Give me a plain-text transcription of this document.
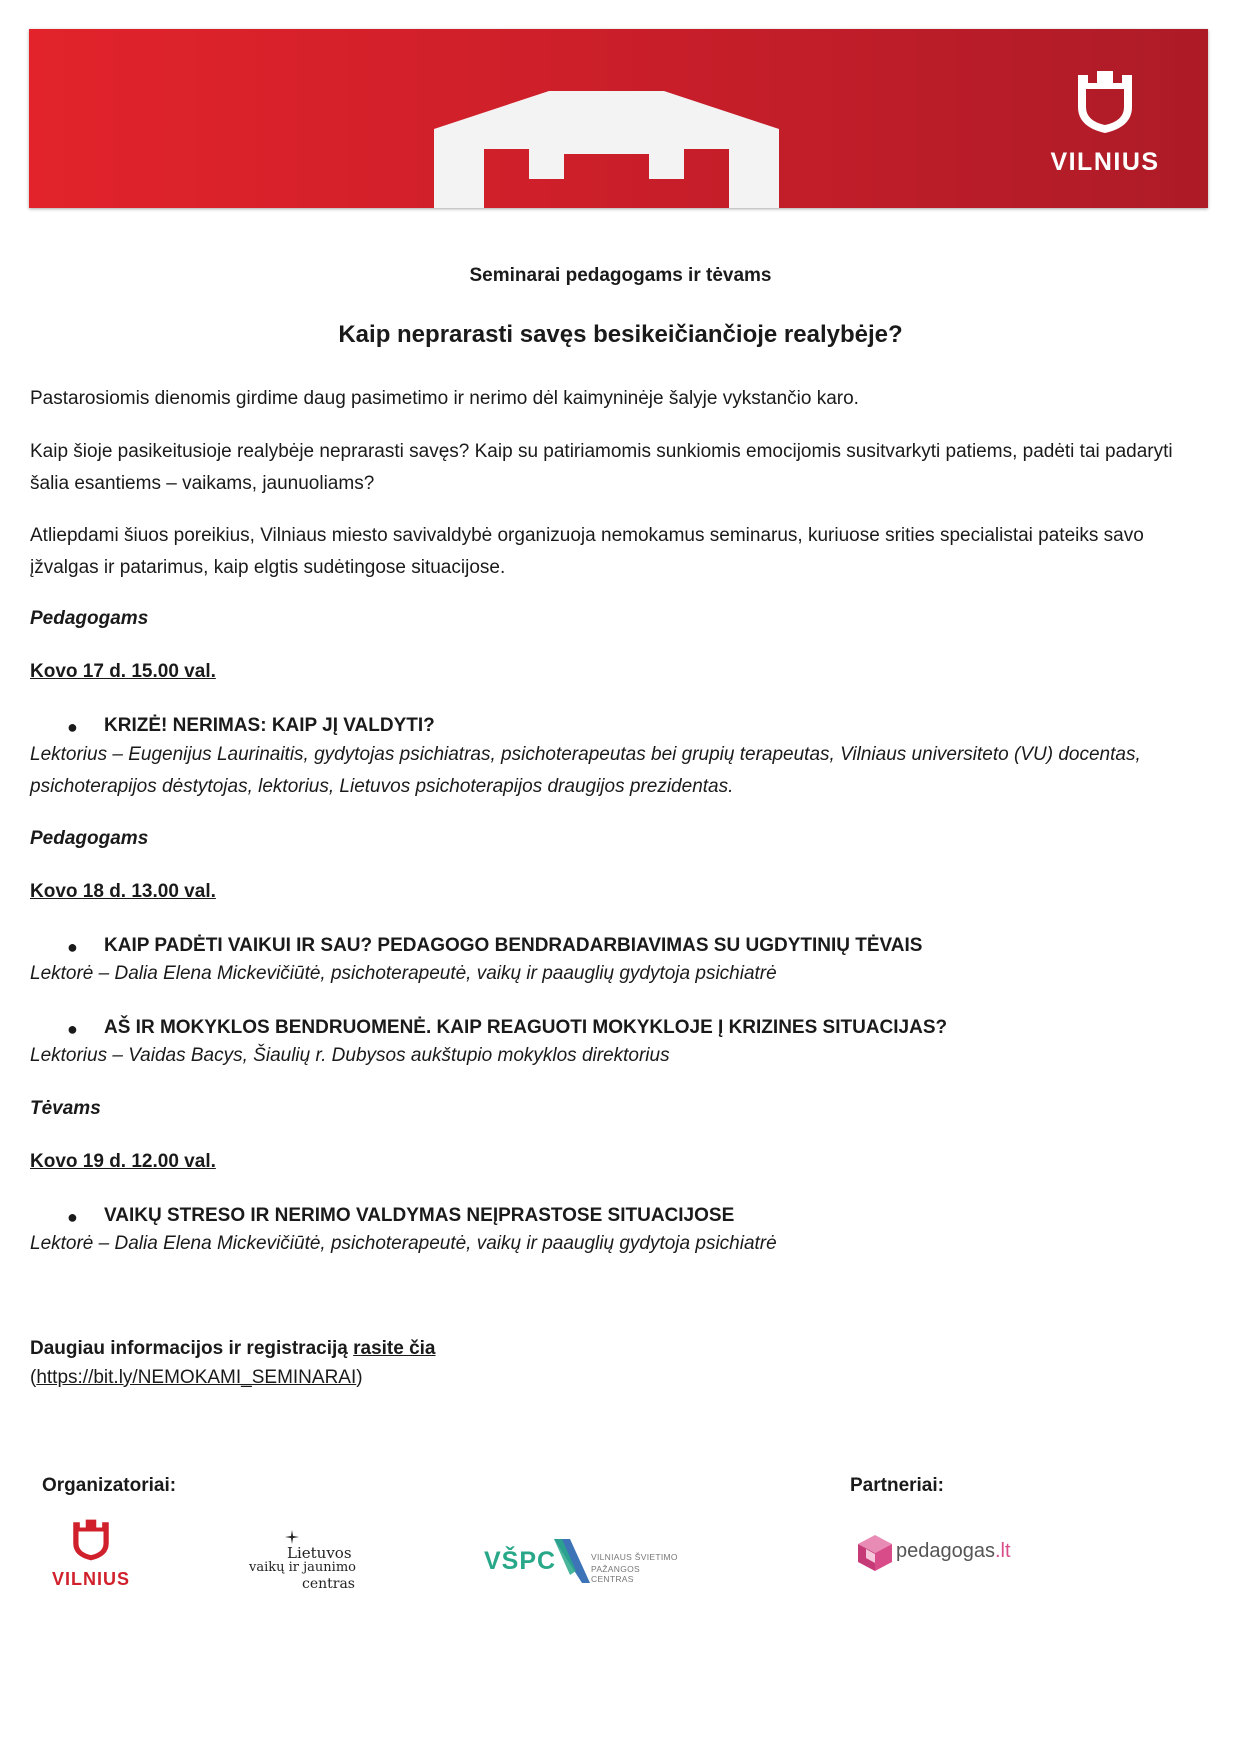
VILNIUS

Seminarai pedagogams ir tėvams

Kaip neprarasti savęs besikeičiančioje realybėje?

Pastarosiomis dienomis girdime daug pasimetimo ir nerimo dėl kaimyninėje šalyje vykstančio karo.

Kaip šioje pasikeitusioje realybėje neprarasti savęs? Kaip su patiriamomis sunkiomis emocijomis susitvarkyti patiems, padėti tai padaryti šalia esantiems – vaikams, jaunuoliams?

Atliepdami šiuos poreikius, Vilniaus miesto savivaldybė organizuoja nemokamus seminarus, kuriuose srities specialistai pateiks savo įžvalgas ir patarimus, kaip elgtis sudėtingose situacijose.

Pedagogams

Kovo 17 d. 15.00 val.

● KRIZĖ! NERIMAS: KAIP JĮ VALDYTI?

Lektorius – Eugenijus Laurinaitis, gydytojas psichiatras, psichoterapeutas bei grupių terapeutas, Vilniaus universiteto (VU) docentas, psichoterapijos dėstytojas, lektorius, Lietuvos psichoterapijos draugijos prezidentas.

Pedagogams

Kovo 18 d. 13.00 val.

● KAIP PADĖTI VAIKUI IR SAU? PEDAGOGO BENDRADARBIAVIMAS SU UGDYTINIŲ TĖVAIS

Lektorė – Dalia Elena Mickevičiūtė, psichoterapeutė, vaikų ir paauglių gydytoja psichiatrė

● AŠ IR MOKYKLOS BENDRUOMENĖ. KAIP REAGUOTI MOKYKLOJE Į KRIZINES SITUACIJAS?

Lektorius – Vaidas Bacys, Šiaulių r. Dubysos aukštupio mokyklos direktorius

Tėvams

Kovo 19 d. 12.00 val.

● VAIKŲ STRESO IR NERIMO VALDYMAS NEĮPRASTOSE SITUACIJOSE

Lektorė – Dalia Elena Mickevičiūtė, psichoterapeutė, vaikų ir paauglių gydytoja psichiatrė

Daugiau informacijos ir registraciją rasite čia

(https://bit.ly/NEMOKAMI_SEMINARAI)

Organizatoriai:	Partneriai:

VILNIUS
Lietuvos
vaikų ir jaunimo
centras
VŠPC	VILNIAUS ŠVIETIMO
PAŽANGOS CENTRAS
pedagogas.lt
